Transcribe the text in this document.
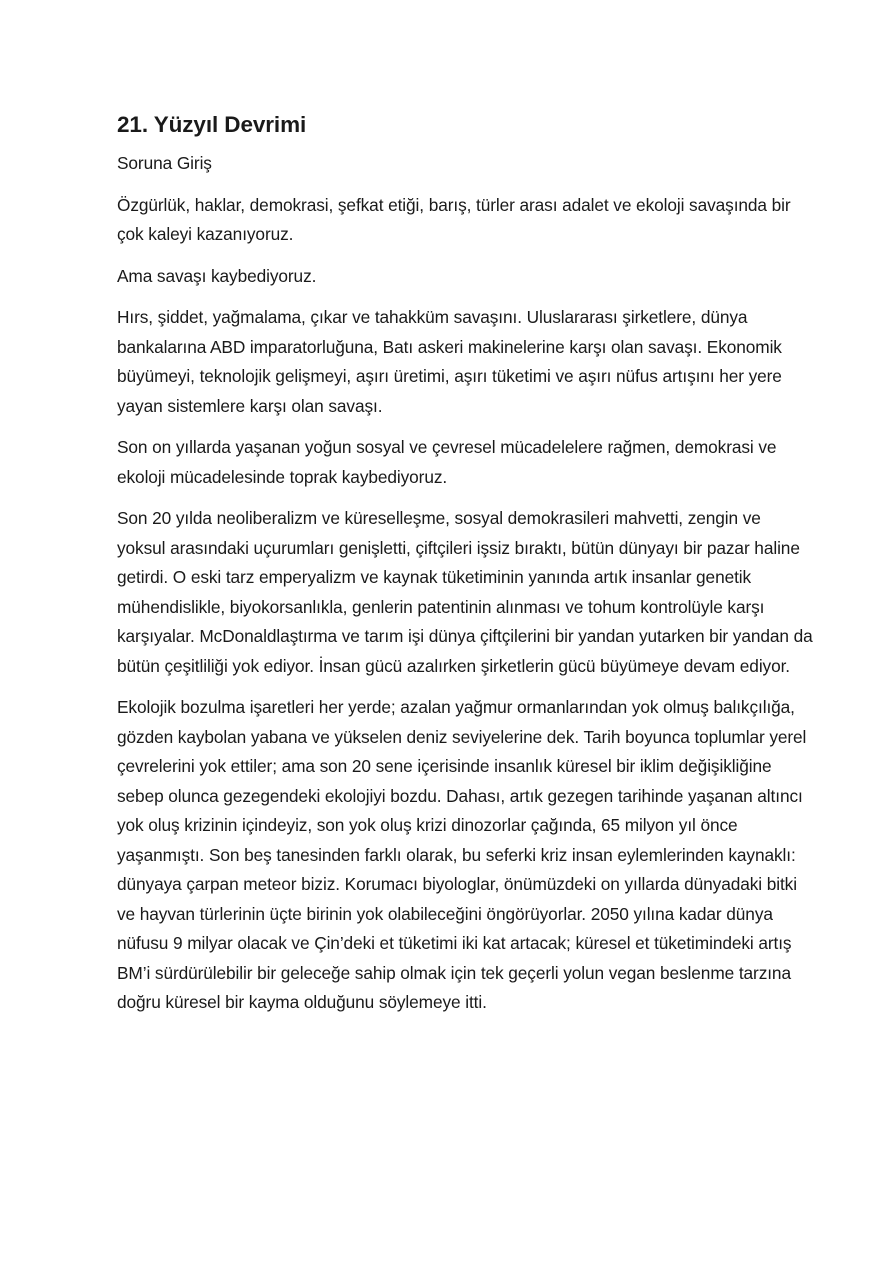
21. Yüzyıl Devrimi

Soruna Giriş

Özgürlük, haklar, demokrasi, şefkat etiği, barış, türler arası adalet ve ekoloji savaşında bir çok kaleyi kazanıyoruz.

Ama savaşı kaybediyoruz.

Hırs, şiddet, yağmalama, çıkar ve tahakküm savaşını. Uluslararası şirketlere, dünya bankalarına ABD imparatorluğuna, Batı askeri makinelerine karşı olan savaşı. Ekonomik büyümeyi, teknolojik gelişmeyi, aşırı üretimi, aşırı tüketimi ve aşırı nüfus artışını her yere yayan sistemlere karşı olan savaşı.

Son on yıllarda yaşanan yoğun sosyal ve çevresel mücadelelere rağmen, demokrasi ve ekoloji mücadelesinde toprak kaybediyoruz.

Son 20 yılda neoliberalizm ve küreselleşme, sosyal demokrasileri mahvetti, zengin ve yoksul arasındaki uçurumları genişletti, çiftçileri işsiz bıraktı, bütün dünyayı bir pazar haline getirdi. O eski tarz emperyalizm ve kaynak tüketiminin yanında artık insanlar genetik mühendislikle, biyokorsanlıkla, genlerin patentinin alınması ve tohum kontrolüyle karşı karşıyalar. McDonaldlaştırma ve tarım işi dünya çiftçilerini bir yandan yutarken bir yandan da bütün çeşitliliği yok ediyor. İnsan gücü azalırken şirketlerin gücü büyümeye devam ediyor.

Ekolojik bozulma işaretleri her yerde; azalan yağmur ormanlarından yok olmuş balıkçılığa, gözden kaybolan yabana ve yükselen deniz seviyelerine dek. Tarih boyunca toplumlar yerel çevrelerini yok ettiler; ama son 20 sene içerisinde insanlık küresel bir iklim değişikliğine sebep olunca gezegendeki ekolojiyi bozdu. Dahası, artık gezegen tarihinde yaşanan altıncı yok oluş krizinin içindeyiz, son yok oluş krizi dinozorlar çağında, 65 milyon yıl önce yaşanmıştı. Son beş tanesinden farklı olarak, bu seferki kriz insan eylemlerinden kaynaklı: dünyaya çarpan meteor biziz. Korumacı biyologlar, önümüzdeki on yıllarda dünyadaki bitki ve hayvan türlerinin üçte birinin yok olabileceğini öngörüyorlar. 2050 yılına kadar dünya nüfusu 9 milyar olacak ve Çin’deki et tüketimi iki kat artacak; küresel et tüketimindeki artış BM’i sürdürülebilir bir geleceğe sahip olmak için tek geçerli yolun vegan beslenme tarzına doğru küresel bir kayma olduğunu söylemeye itti.
